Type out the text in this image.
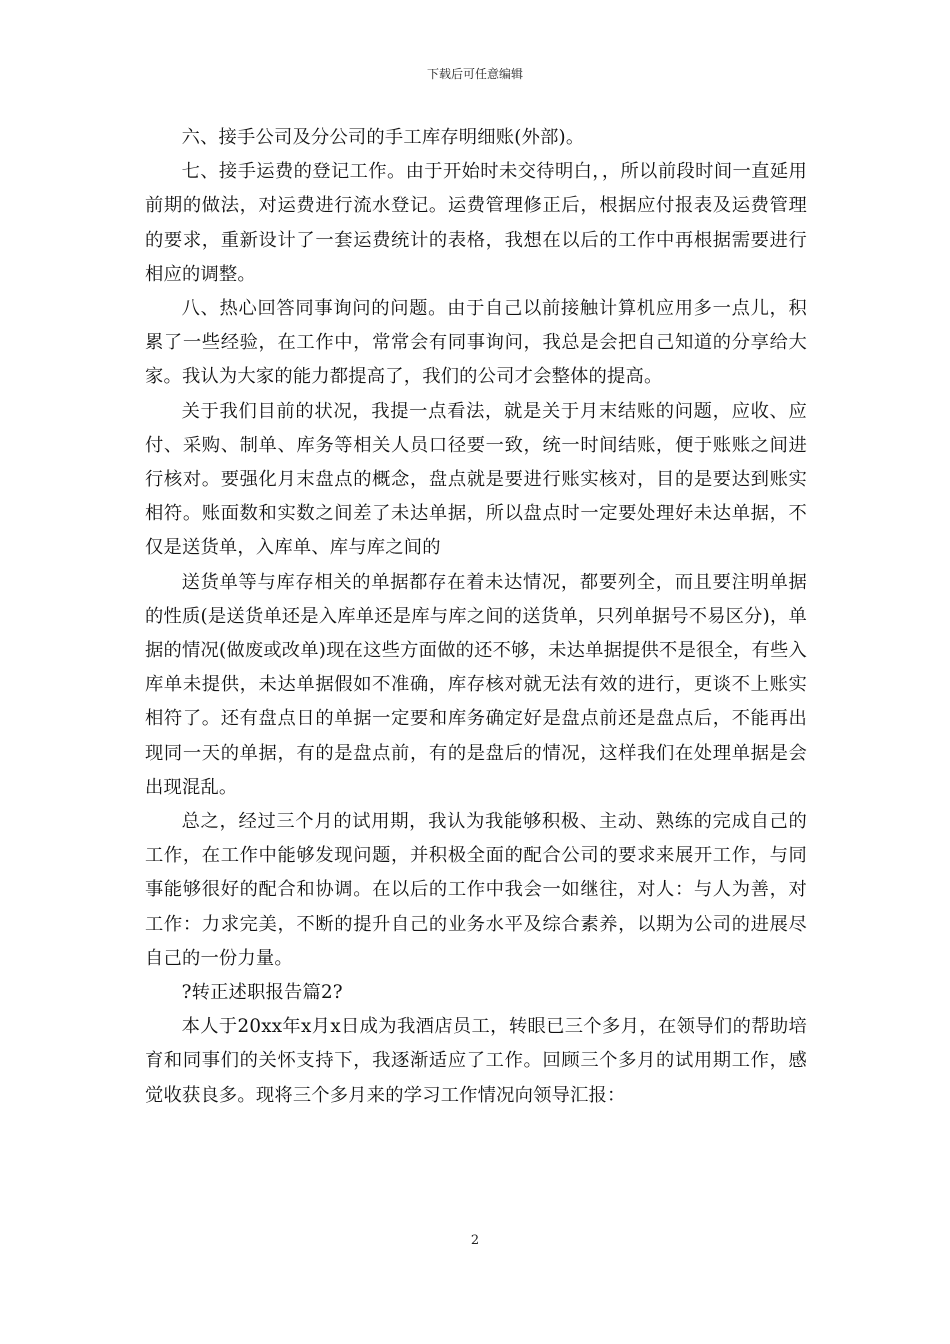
下载后可任意编辑

六、接手公司及分公司的手工库存明细账(外部)。

七、接手运费的登记工作。由于开始时未交待明白，，所以前段时间一直延用前期的做法，对运费进行流水登记。运费管理修正后，根据应付报表及运费管理的要求，重新设计了一套运费统计的表格，我想在以后的工作中再根据需要进行相应的调整。

八、热心回答同事询问的问题。由于自己以前接触计算机应用多一点儿，积累了一些经验，在工作中，常常会有同事询问，我总是会把自己知道的分享给大家。我认为大家的能力都提高了，我们的公司才会整体的提高。

关于我们目前的状况，我提一点看法，就是关于月末结账的问题，应收、应付、采购、制单、库务等相关人员口径要一致，统一时间结账，便于账账之间进行核对。要强化月末盘点的概念，盘点就是要进行账实核对，目的是要达到账实相符。账面数和实数之间差了未达单据，所以盘点时一定要处理好未达单据，不仅是送货单，入库单、库与库之间的

送货单等与库存相关的单据都存在着未达情况，都要列全，而且要注明单据的性质(是送货单还是入库单还是库与库之间的送货单，只列单据号不易区分)，单据的情况(做废或改单)现在这些方面做的还不够，未达单据提供不是很全，有些入库单未提供，未达单据假如不准确，库存核对就无法有效的进行，更谈不上账实相符了。还有盘点日的单据一定要和库务确定好是盘点前还是盘点后，不能再出现同一天的单据，有的是盘点前，有的是盘后的情况，这样我们在处理单据是会出现混乱。

总之，经过三个月的试用期，我认为我能够积极、主动、熟练的完成自己的工作，在工作中能够发现问题，并积极全面的配合公司的要求来展开工作，与同事能够很好的配合和协调。在以后的工作中我会一如继往，对人：与人为善，对工作：力求完美，不断的提升自己的业务水平及综合素养，以期为公司的进展尽自己的一份力量。

?转正述职报告篇2?

本人于20xx年x月x日成为我酒店员工，转眼已三个多月，在领导们的帮助培育和同事们的关怀支持下，我逐渐适应了工作。回顾三个多月的试用期工作，感觉收获良多。现将三个多月来的学习工作情况向领导汇报：

2
